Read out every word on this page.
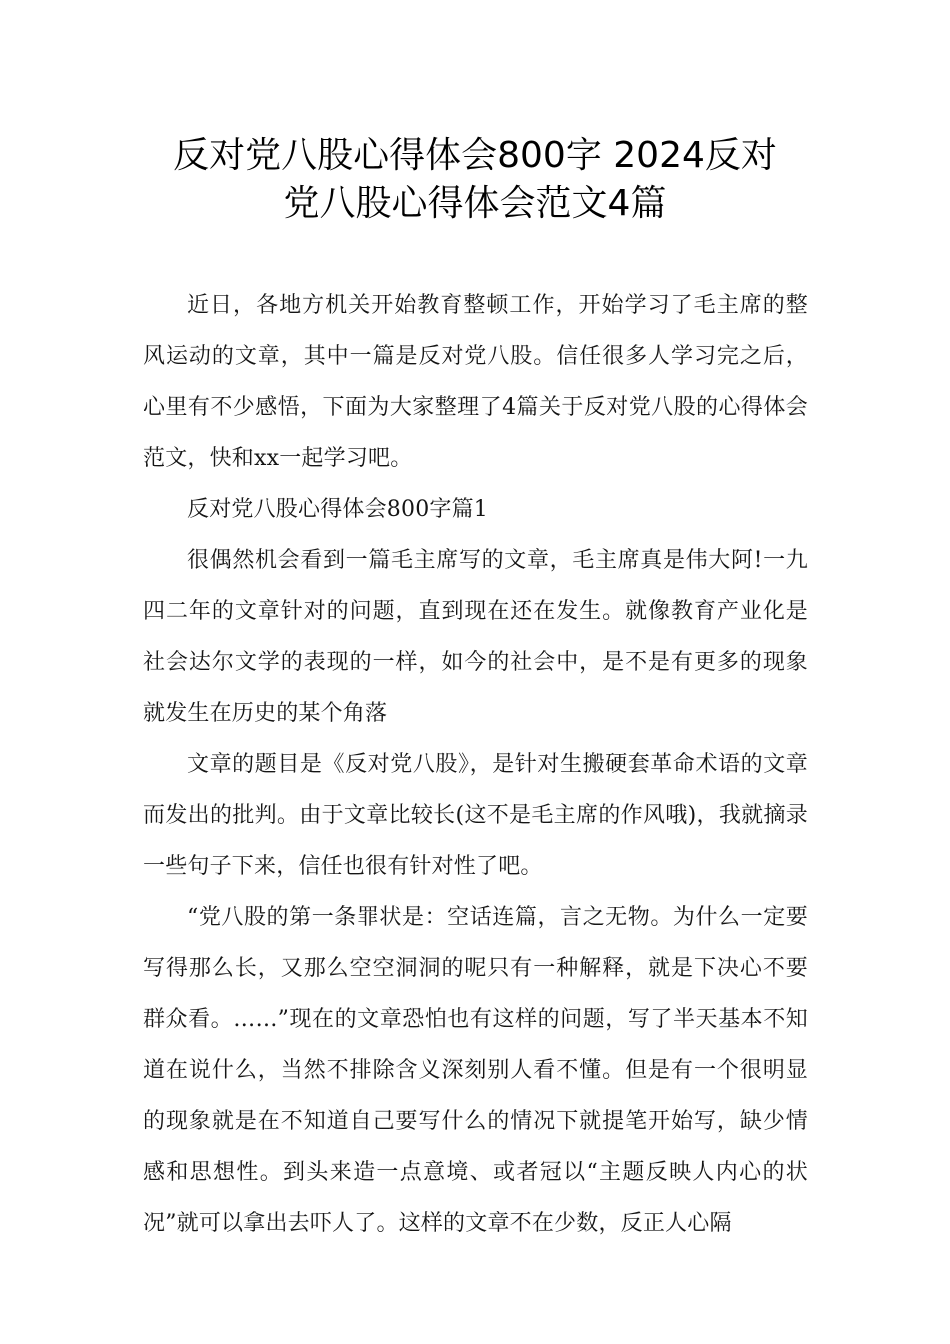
反对党八股心得体会800字 2024反对
党八股心得体会范文4篇

近日，各地方机关开始教育整顿工作，开始学习了毛主席的整风运动的文章，其中一篇是反对党八股。信任很多人学习完之后，心里有不少感悟，下面为大家整理了4篇关于反对党八股的心得体会范文，快和xx一起学习吧。

反对党八股心得体会800字篇1

很偶然机会看到一篇毛主席写的文章，毛主席真是伟大阿!一九四二年的文章针对的问题，直到现在还在发生。就像教育产业化是社会达尔文学的表现的一样，如今的社会中，是不是有更多的现象就发生在历史的某个角落

文章的题目是《反对党八股》，是针对生搬硬套革命术语的文章而发出的批判。由于文章比较长(这不是毛主席的作风哦)，我就摘录一些句子下来，信任也很有针对性了吧。

“党八股的第一条罪状是：空话连篇，言之无物。为什么一定要写得那么长，又那么空空洞洞的呢只有一种解释，就是下决心不要群众看。……”现在的文章恐怕也有这样的问题，写了半天基本不知道在说什么，当然不排除含义深刻别人看不懂。但是有一个很明显的现象就是在不知道自己要写什么的情况下就提笔开始写，缺少情感和思想性。到头来造一点意境、或者冠以“主题反映人内心的状况”就可以拿出去吓人了。这样的文章不在少数，反正人心隔
